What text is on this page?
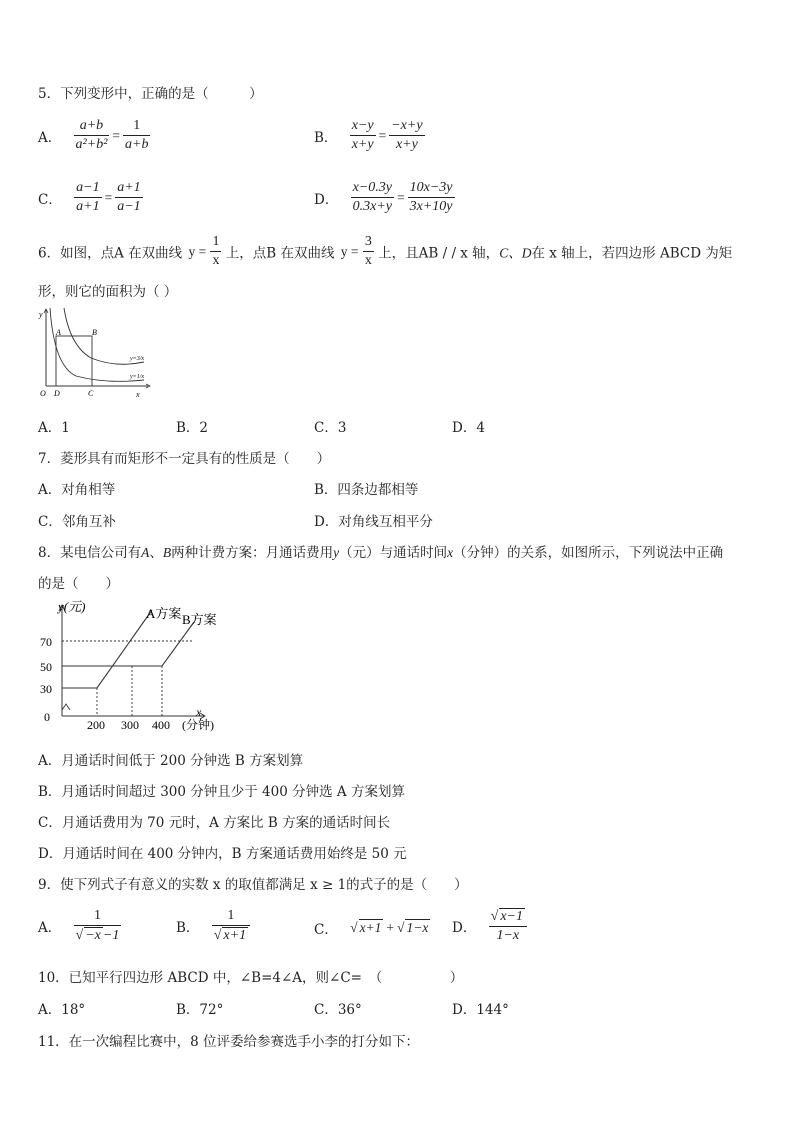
5．下列变形中，正确的是（　　　）
A． $\frac{a+b}{\text{a²+b²}} = \frac{1}{a+b}$	B． $\frac{x-y}{x+y} = \frac{-x+y}{x+y}$
C． $\frac{a-1}{a+1} = \frac{a+1}{a-1}$	D． $\frac{x-0.3y}{0.3x+y} = \frac{10x-3y}{3x+10y}$
6．如图，点A 在双曲线 $y = \frac{1}{x}$ 上，点B 在双曲线 $y = \frac{3}{x}$ 上，且AB / / x 轴，C、D在 x 轴上，若四边形 ABCD 为矩
形，则它的面积为（ ）
y
A	B
O D	C	x
y=3/x
y=1/x
A．1	B．2	C．3	D．4
7．菱形具有而矩形不一定具有的性质是（　　）
A．对角相等	B．四条边都相等
C．邻角互补	D．对角线互相平分
8．某电信公司有A、B两种计费方案：月通话费用y（元）与通话时间x（分钟）的关系，如图所示，下列说法中正确
的是（　　）
y(元)
70
50
30
0
200 300 400
x
(分钟)
A方案 B方案
A．月通话时间低于 200 分钟选 B 方案划算
B．月通话时间超过 300 分钟且少于 400 分钟选 A 方案划算
C．月通话费用为 70 元时，A 方案比 B 方案的通话时间长
D．月通话时间在 400 分钟内，B 方案通话费用始终是 50 元
9．使下列式子有意义的实数 x 的取值都满足 x ≥ 1的式子的是（　　）
A． $\frac{1}{√ -x -1}$	B． $\frac{1}{√ x+1}$	C． √ x+1 + √ 1−x D． $\frac{√ x-1}{1-x}$
10．已知平行四边形 ABCD 中，∠B=4∠A，则∠C=　（　　　　　）
A．18°	B．72°	C．36°	D．144°
11．在一次编程比赛中，8 位评委给参赛选手小李的打分如下：
